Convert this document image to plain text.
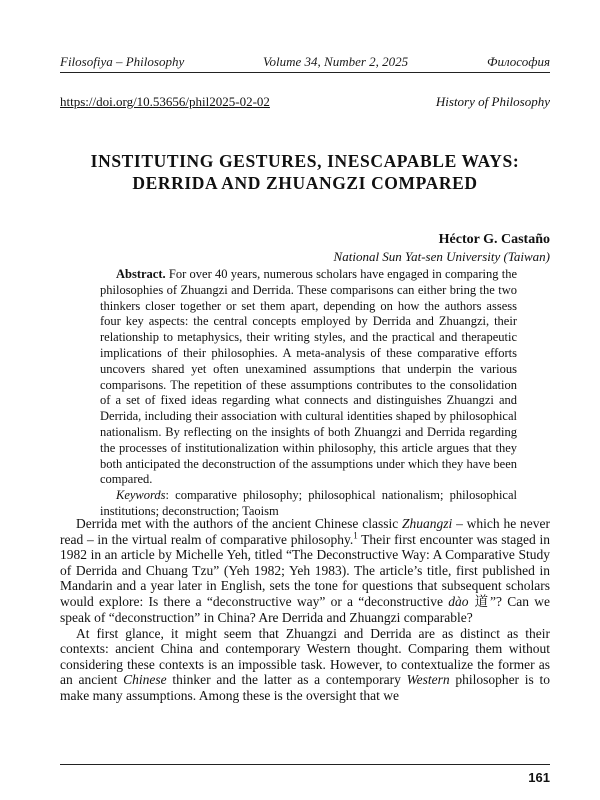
Filosofiya – Philosophy	Volume 34, Number 2, 2025	Философия
https://doi.org/10.53656/phil2025-02-02	History of Philosophy
INSTITUTING GESTURES, INESCAPABLE WAYS:
DERRIDA AND ZHUANGZI COMPARED
Héctor G. Castaño
National Sun Yat-sen University (Taiwan)
Abstract. For over 40 years, numerous scholars have engaged in comparing the philosophies of Zhuangzi and Derrida. These comparisons can either bring the two thinkers closer together or set them apart, depending on how the authors assess four key aspects: the central concepts employed by Derrida and Zhuangzi, their relationship to metaphysics, their writing styles, and the practical and therapeutic implications of their philosophies. A meta-analysis of these comparative efforts uncovers shared yet often unexamined assumptions that underpin the various comparisons. The repetition of these assumptions contributes to the consolidation of a set of fixed ideas regarding what connects and distinguishes Zhuangzi and Derrida, including their association with cultural identities shaped by philosophical nationalism. By reflecting on the insights of both Zhuangzi and Derrida regarding the processes of institutionalization within philosophy, this article argues that they both anticipated the deconstruction of the assumptions under which they have been compared.
Keywords: comparative philosophy; philosophical nationalism; philosophical institutions; deconstruction; Taoism

Derrida met with the authors of the ancient Chinese classic Zhuangzi – which he never read – in the virtual realm of comparative philosophy.$^1$ Their first encounter was staged in 1982 in an article by Michelle Yeh, titled “The Deconstructive Way: A Comparative Study of Derrida and Chuang Tzu” (Yeh 1982; Yeh 1983). The article’s title, first published in Mandarin and a year later in English, sets the tone for questions that subsequent scholars would explore: Is there a “deconstructive way” or a “deconstructive dào 道”? Can we speak of “deconstruction” in China? Are Derrida and Zhuangzi comparable?

At first glance, it might seem that Zhuangzi and Derrida are as distinct as their contexts: ancient China and contemporary Western thought. Comparing them without considering these contexts is an impossible task. However, to contextualize the former as an ancient Chinese thinker and the latter as a contemporary Western philosopher is to make many assumptions. Among these is the oversight that we

161
